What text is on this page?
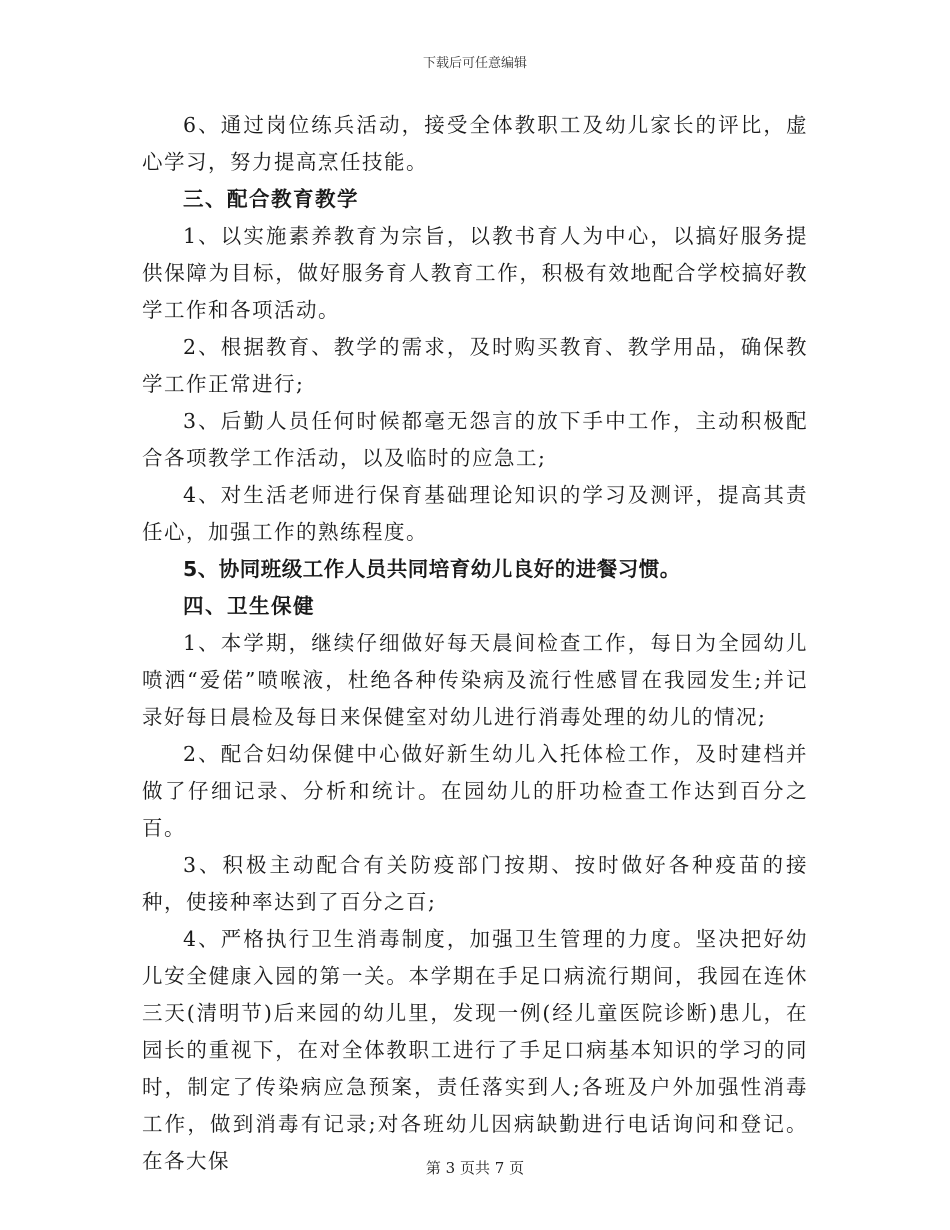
下载后可任意编辑

6、通过岗位练兵活动，接受全体教职工及幼儿家长的评比，虚心学习，努力提高烹任技能。

三、配合教育教学

1、以实施素养教育为宗旨，以教书育人为中心，以搞好服务提供保障为目标，做好服务育人教育工作，积极有效地配合学校搞好教学工作和各项活动。

2、根据教育、教学的需求，及时购买教育、教学用品，确保教学工作正常进行;

3、后勤人员任何时候都毫无怨言的放下手中工作，主动积极配合各项教学工作活动，以及临时的应急工;

4、对生活老师进行保育基础理论知识的学习及测评，提高其责任心，加强工作的熟练程度。

5、协同班级工作人员共同培育幼儿良好的进餐习惯。

四、卫生保健

1、本学期，继续仔细做好每天晨间检查工作，每日为全园幼儿喷洒“爱偌”喷喉液，杜绝各种传染病及流行性感冒在我园发生;并记录好每日晨检及每日来保健室对幼儿进行消毒处理的幼儿的情况;

2、配合妇幼保健中心做好新生幼儿入托体检工作，及时建档并做了仔细记录、分析和统计。在园幼儿的肝功检查工作达到百分之百。

3、积极主动配合有关防疫部门按期、按时做好各种疫苗的接种，使接种率达到了百分之百;

4、严格执行卫生消毒制度，加强卫生管理的力度。坚决把好幼儿安全健康入园的第一关。本学期在手足口病流行期间，我园在连休三天(清明节)后来园的幼儿里，发现一例(经儿童医院诊断)患儿，在园长的重视下，在对全体教职工进行了手足口病基本知识的学习的同时，制定了传染病应急预案，责任落实到人;各班及户外加强性消毒工作，做到消毒有记录;对各班幼儿因病缺勤进行电话询问和登记。在各大保	第 3 页共 7 页
